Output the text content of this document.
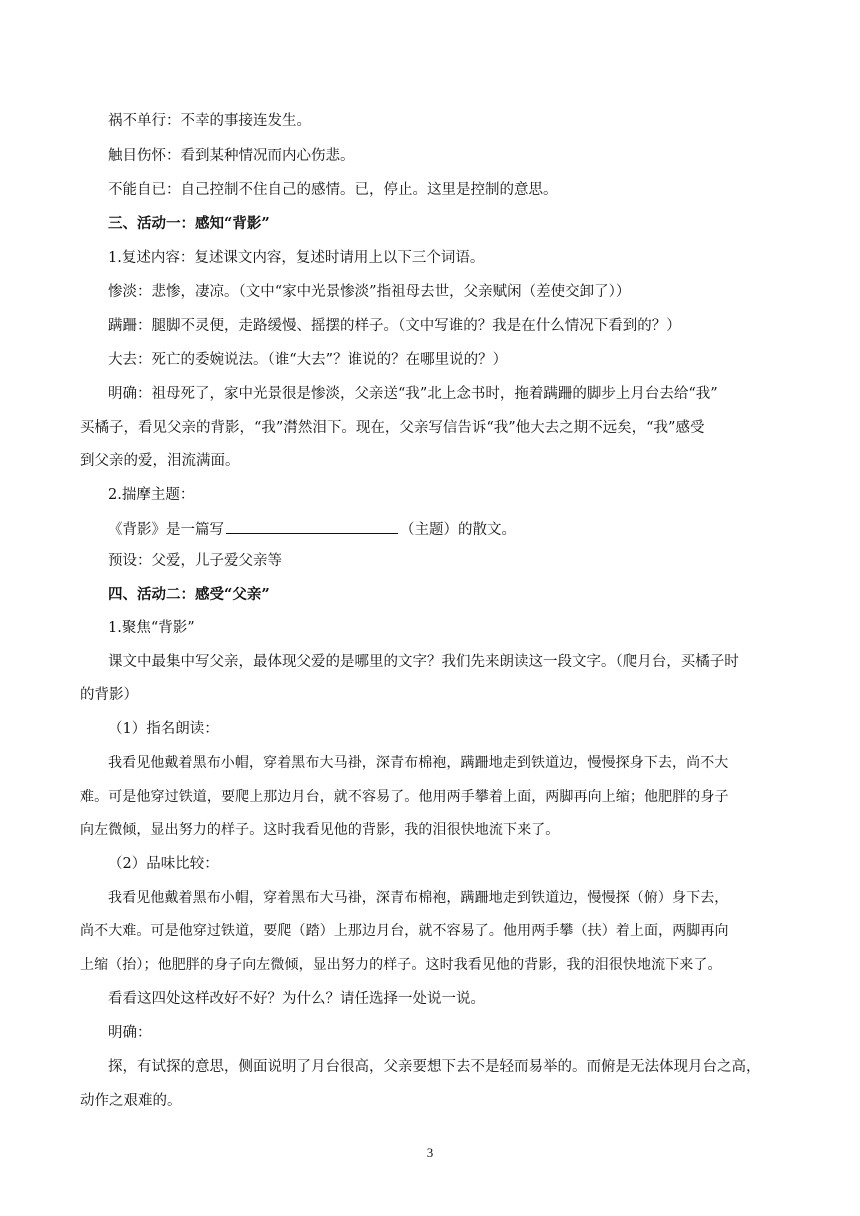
祸不单行：不幸的事接连发生。
触目伤怀：看到某种情况而内心伤悲。
不能自已：自己控制不住自己的感情。已，停止。这里是控制的意思。
三、活动一：感知“背影”
1.复述内容：复述课文内容，复述时请用上以下三个词语。
惨淡：悲惨，凄凉。（文中“家中光景惨淡”指祖母去世，父亲赋闲（差使交卸了））
蹒跚：腿脚不灵便，走路缓慢、摇摆的样子。（文中写谁的？我是在什么情况下看到的？）
大去：死亡的委婉说法。（谁“大去”？谁说的？在哪里说的？）
明确：祖母死了，家中光景很是惨淡，父亲送“我”北上念书时，拖着蹒跚的脚步上月台去给“我”
买橘子，看见父亲的背影，“我”潸然泪下。现在，父亲写信告诉“我”他大去之期不远矣，“我”感受
到父亲的爱，泪流满面。
2.揣摩主题：
《背影》是一篇写	（主题）的散文。
预设：父爱，儿子爱父亲等
四、活动二：感受“父亲”
1.聚焦“背影”
课文中最集中写父亲，最体现父爱的是哪里的文字？我们先来朗读这一段文字。（爬月台，买橘子时
的背影）
（1）指名朗读：
我看见他戴着黑布小帽，穿着黑布大马褂，深青布棉袍，蹒跚地走到铁道边，慢慢探身下去，尚不大
难。可是他穿过铁道，要爬上那边月台，就不容易了。他用两手攀着上面，两脚再向上缩；他肥胖的身子
向左微倾，显出努力的样子。这时我看见他的背影，我的泪很快地流下来了。
（2）品味比较：
我看见他戴着黑布小帽，穿着黑布大马褂，深青布棉袍，蹒跚地走到铁道边，慢慢探（俯）身下去，
尚不大难。可是他穿过铁道，要爬（踏）上那边月台，就不容易了。他用两手攀（扶）着上面，两脚再向
上缩（抬）；他肥胖的身子向左微倾，显出努力的样子。这时我看见他的背影，我的泪很快地流下来了。
看看这四处这样改好不好？为什么？请任选择一处说一说。
明确：
探，有试探的意思，侧面说明了月台很高，父亲要想下去不是轻而易举的。而俯是无法体现月台之高，
动作之艰难的。
3
